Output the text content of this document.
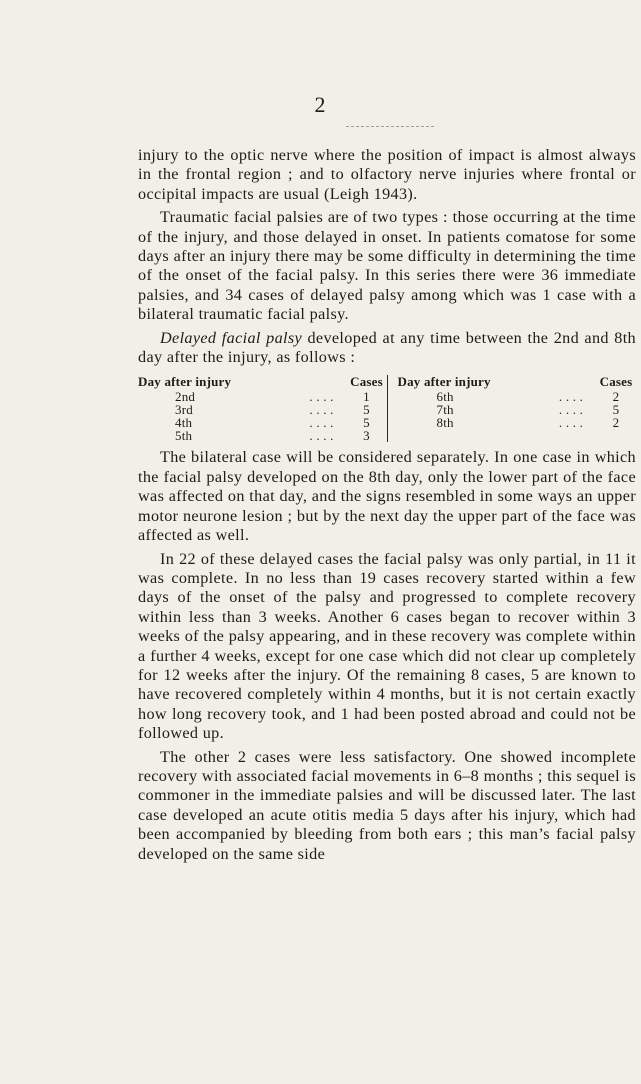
2

injury to the optic nerve where the position of impact is almost always in the frontal region ; and to olfactory nerve injuries where frontal or occipital impacts are usual (Leigh 1943).

Traumatic facial palsies are of two types : those occurring at the time of the injury, and those delayed in onset. In patients comatose for some days after an injury there may be some difficulty in determining the time of the onset of the facial palsy. In this series there were 36 immediate palsies, and 34 cases of delayed palsy among which was 1 case with a bilateral traumatic facial palsy.

Delayed facial palsy developed at any time between the 2nd and 8th day after the injury, as follows :

Day after injury	Cases
2nd	. . . .	1
3rd	. . . .	5
4th	. . . .	5
5th	. . . .	3
Day after injury	Cases
6th	. . . .	2
7th	. . . .	5
8th	. . . .	2

The bilateral case will be considered separately. In one case in which the facial palsy developed on the 8th day, only the lower part of the face was affected on that day, and the signs resembled in some ways an upper motor neurone lesion ; but by the next day the upper part of the face was affected as well.

In 22 of these delayed cases the facial palsy was only partial, in 11 it was complete. In no less than 19 cases recovery started within a few days of the onset of the palsy and progressed to complete recovery within less than 3 weeks. Another 6 cases began to recover within 3 weeks of the palsy appearing, and in these recovery was complete within a further 4 weeks, except for one case which did not clear up completely for 12 weeks after the injury. Of the remaining 8 cases, 5 are known to have recovered completely within 4 months, but it is not certain exactly how long recovery took, and 1 had been posted abroad and could not be followed up.

The other 2 cases were less satisfactory. One showed incomplete recovery with associated facial movements in 6–8 months ; this sequel is commoner in the immediate palsies and will be discussed later. The last case developed an acute otitis media 5 days after his injury, which had been accompanied by bleeding from both ears ; this man’s facial palsy developed on the same side
